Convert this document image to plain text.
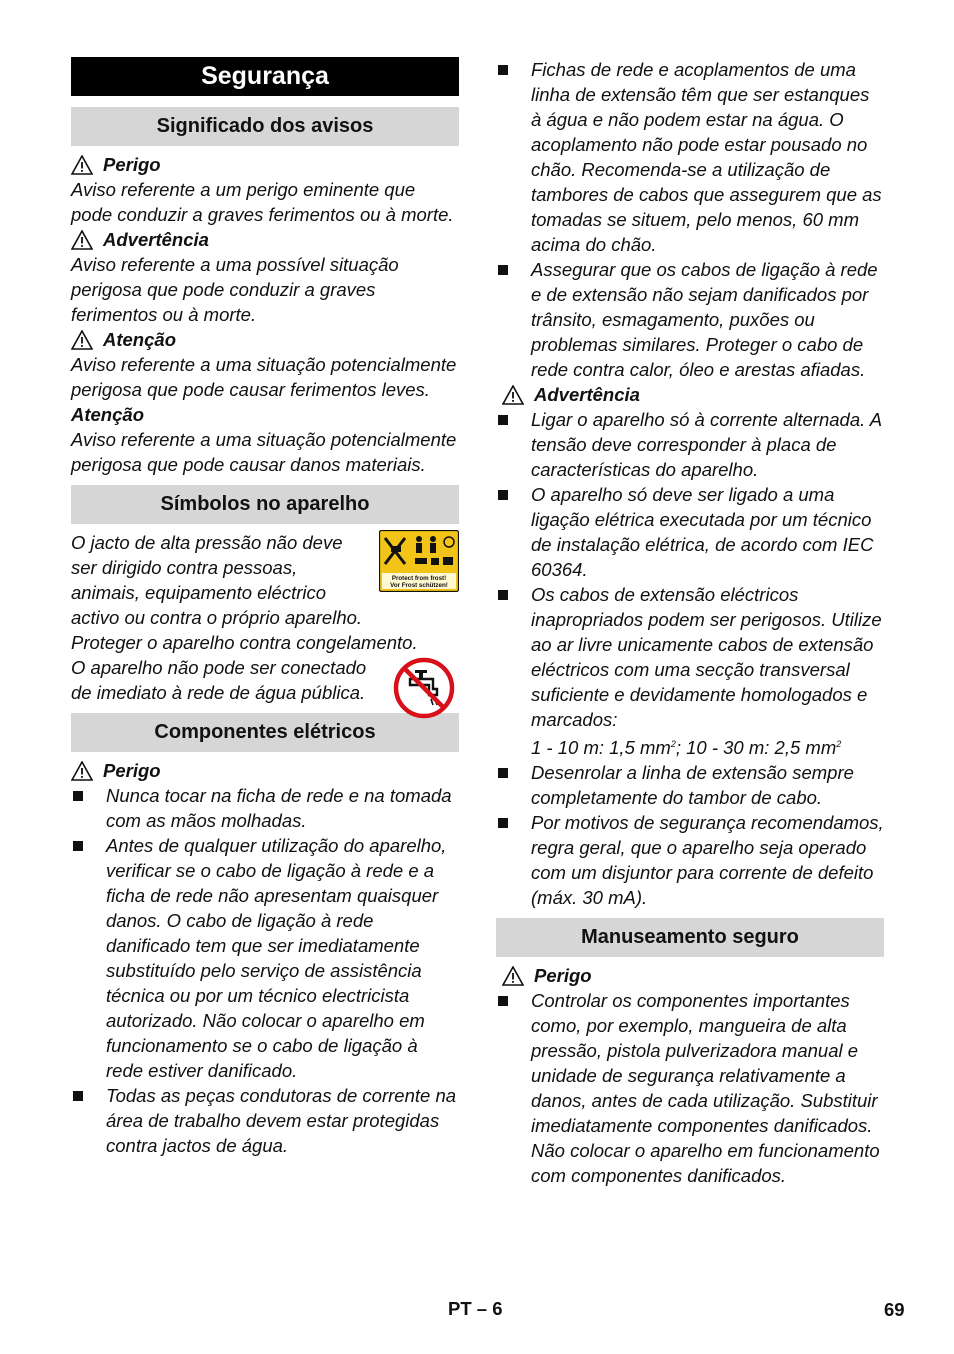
Segurança
Significado dos avisos
Perigo

Aviso referente a um perigo eminente que pode conduzir a graves ferimentos ou à morte.

Advertência

Aviso referente a uma possível situação perigosa que pode conduzir a graves ferimentos ou à morte.

Atenção

Aviso referente a uma situação potencialmente perigosa que pode causar ferimentos leves.

Atenção

Aviso referente a uma situação potencialmente perigosa que pode causar danos materiais.

Símbolos no aparelho

O jacto de alta pressão não deve ser dirigido contra pessoas, animais, equipamento eléctrico activo ou contra o próprio aparelho.

Protect from frost!
Vor Frost schützen!

Proteger o aparelho contra congelamento.

O aparelho não pode ser conectado de imediato à rede de água pública.

Componentes elétricos
Perigo
Nunca tocar na ficha de rede e na tomada com as mãos molhadas.
Antes de qualquer utilização do aparelho, verificar se o cabo de ligação à rede e a ficha de rede não apresentam quaisquer danos. O cabo de ligação à rede danificado tem que ser imediatamente substituído pelo serviço de assistência técnica ou por um técnico electricista autorizado. Não colocar o aparelho em funcionamento se o cabo de ligação à rede estiver danificado.
Todas as peças condutoras de corrente na área de trabalho devem estar protegidas contra jactos de água.
Fichas de rede e acoplamentos de uma linha de extensão têm que ser estanques à água e não podem estar na água. O acoplamento não pode estar pousado no chão. Recomenda-se a utilização de tambores de cabos que assegurem que as tomadas se situem, pelo menos, 60 mm acima do chão.
Assegurar que os cabos de ligação à rede e de extensão não sejam danificados por trânsito, esmagamento, puxões ou problemas similares. Proteger o cabo de rede contra calor, óleo e arestas afiadas.
Advertência
Ligar o aparelho só à corrente alternada. A tensão deve corresponder à placa de características do aparelho.
O aparelho só deve ser ligado a uma ligação elétrica executada por um técnico de instalação elétrica, de acordo com IEC 60364.
Os cabos de extensão eléctricos inapropriados podem ser perigosos. Utilize ao ar livre unicamente cabos de extensão eléctricos com uma secção transversal suficiente e devidamente homologados e marcados:
1 - 10 m: 1,5 $mm^2$; 10 - 30 m: 2,5 $mm^2$
Desenrolar a linha de extensão sempre completamente do tambor de cabo.
Por motivos de segurança recomendamos, regra geral, que o aparelho seja operado com um disjuntor para corrente de defeito (máx. 30 mA).
Manuseamento seguro
Perigo
Controlar os componentes importantes como, por exemplo, mangueira de alta pressão, pistola pulverizadora manual e unidade de segurança relativamente a danos, antes de cada utilização. Substituir imediatamente componentes danificados. Não colocar o aparelho em funcionamento com componentes danificados.
PT – 6	69
